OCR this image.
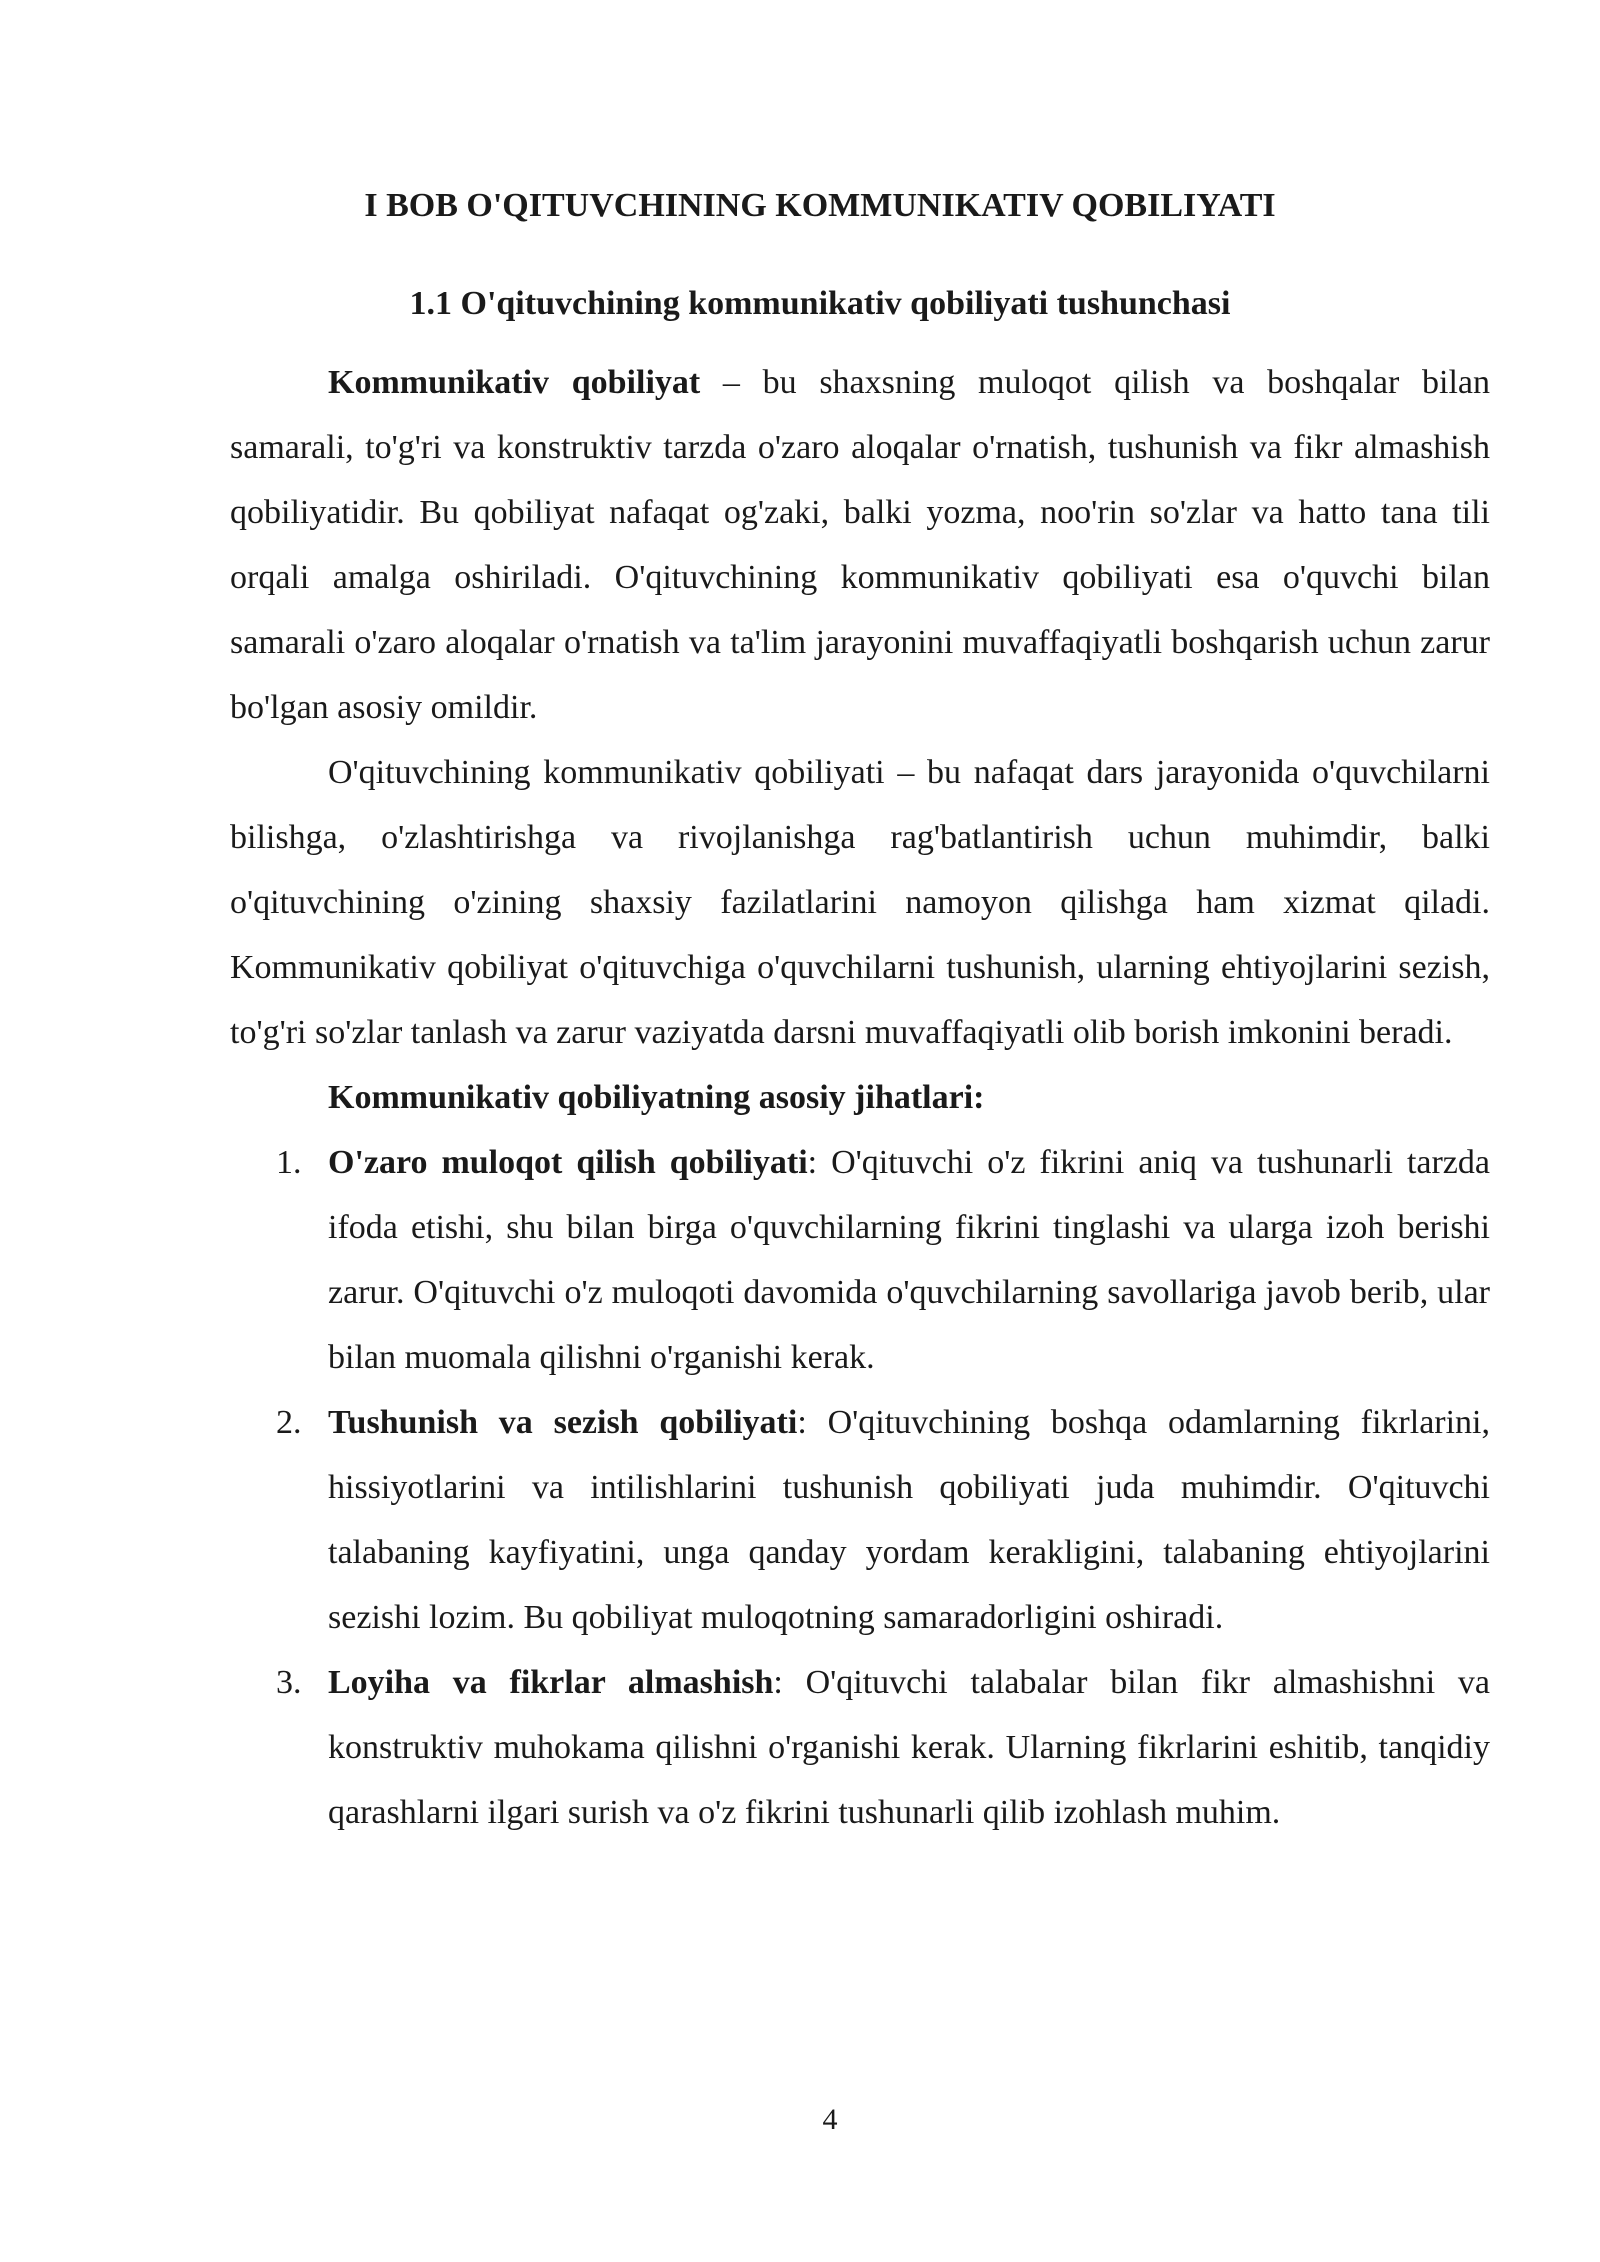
I BOB O'QITUVCHINING KOMMUNIKATIV QOBILIYATI
1.1 O'qituvchining kommunikativ qobiliyati tushunchasi

Kommunikativ qobiliyat – bu shaxsning muloqot qilish va boshqalar bilan samarali, to'g'ri va konstruktiv tarzda o'zaro aloqalar o'rnatish, tushunish va fikr almashish qobiliyatidir. Bu qobiliyat nafaqat og'zaki, balki yozma, noo'rin so'zlar va hatto tana tili orqali amalga oshiriladi. O'qituvchining kommunikativ qobiliyati esa o'quvchi bilan samarali o'zaro aloqalar o'rnatish va ta'lim jarayonini muvaffaqiyatli boshqarish uchun zarur bo'lgan asosiy omildir.

O'qituvchining kommunikativ qobiliyati – bu nafaqat dars jarayonida o'quvchilarni bilishga, o'zlashtirishga va rivojlanishga rag'batlantirish uchun muhimdir, balki o'qituvchining o'zining shaxsiy fazilatlarini namoyon qilishga ham xizmat qiladi. Kommunikativ qobiliyat o'qituvchiga o'quvchilarni tushunish, ularning ehtiyojlarini sezish, to'g'ri so'zlar tanlash va zarur vaziyatda darsni muvaffaqiyatli olib borish imkonini beradi.

Kommunikativ qobiliyatning asosiy jihatlari:

1. O'zaro muloqot qilish qobiliyati: O'qituvchi o'z fikrini aniq va tushunarli tarzda ifoda etishi, shu bilan birga o'quvchilarning fikrini tinglashi va ularga izoh berishi zarur. O'qituvchi o'z muloqoti davomida o'quvchilarning savollariga javob berib, ular bilan muomala qilishni o'rganishi kerak.
2. Tushunish va sezish qobiliyati: O'qituvchining boshqa odamlarning fikrlarini, hissiyotlarini va intilishlarini tushunish qobiliyati juda muhimdir. O'qituvchi talabaning kayfiyatini, unga qanday yordam kerakligini, talabaning ehtiyojlarini sezishi lozim. Bu qobiliyat muloqotning samaradorligini oshiradi.
3. Loyiha va fikrlar almashish: O'qituvchi talabalar bilan fikr almashishni va konstruktiv muhokama qilishni o'rganishi kerak. Ularning fikrlarini eshitib, tanqidiy qarashlarni ilgari surish va o'z fikrini tushunarli qilib izohlash muhim.
4
